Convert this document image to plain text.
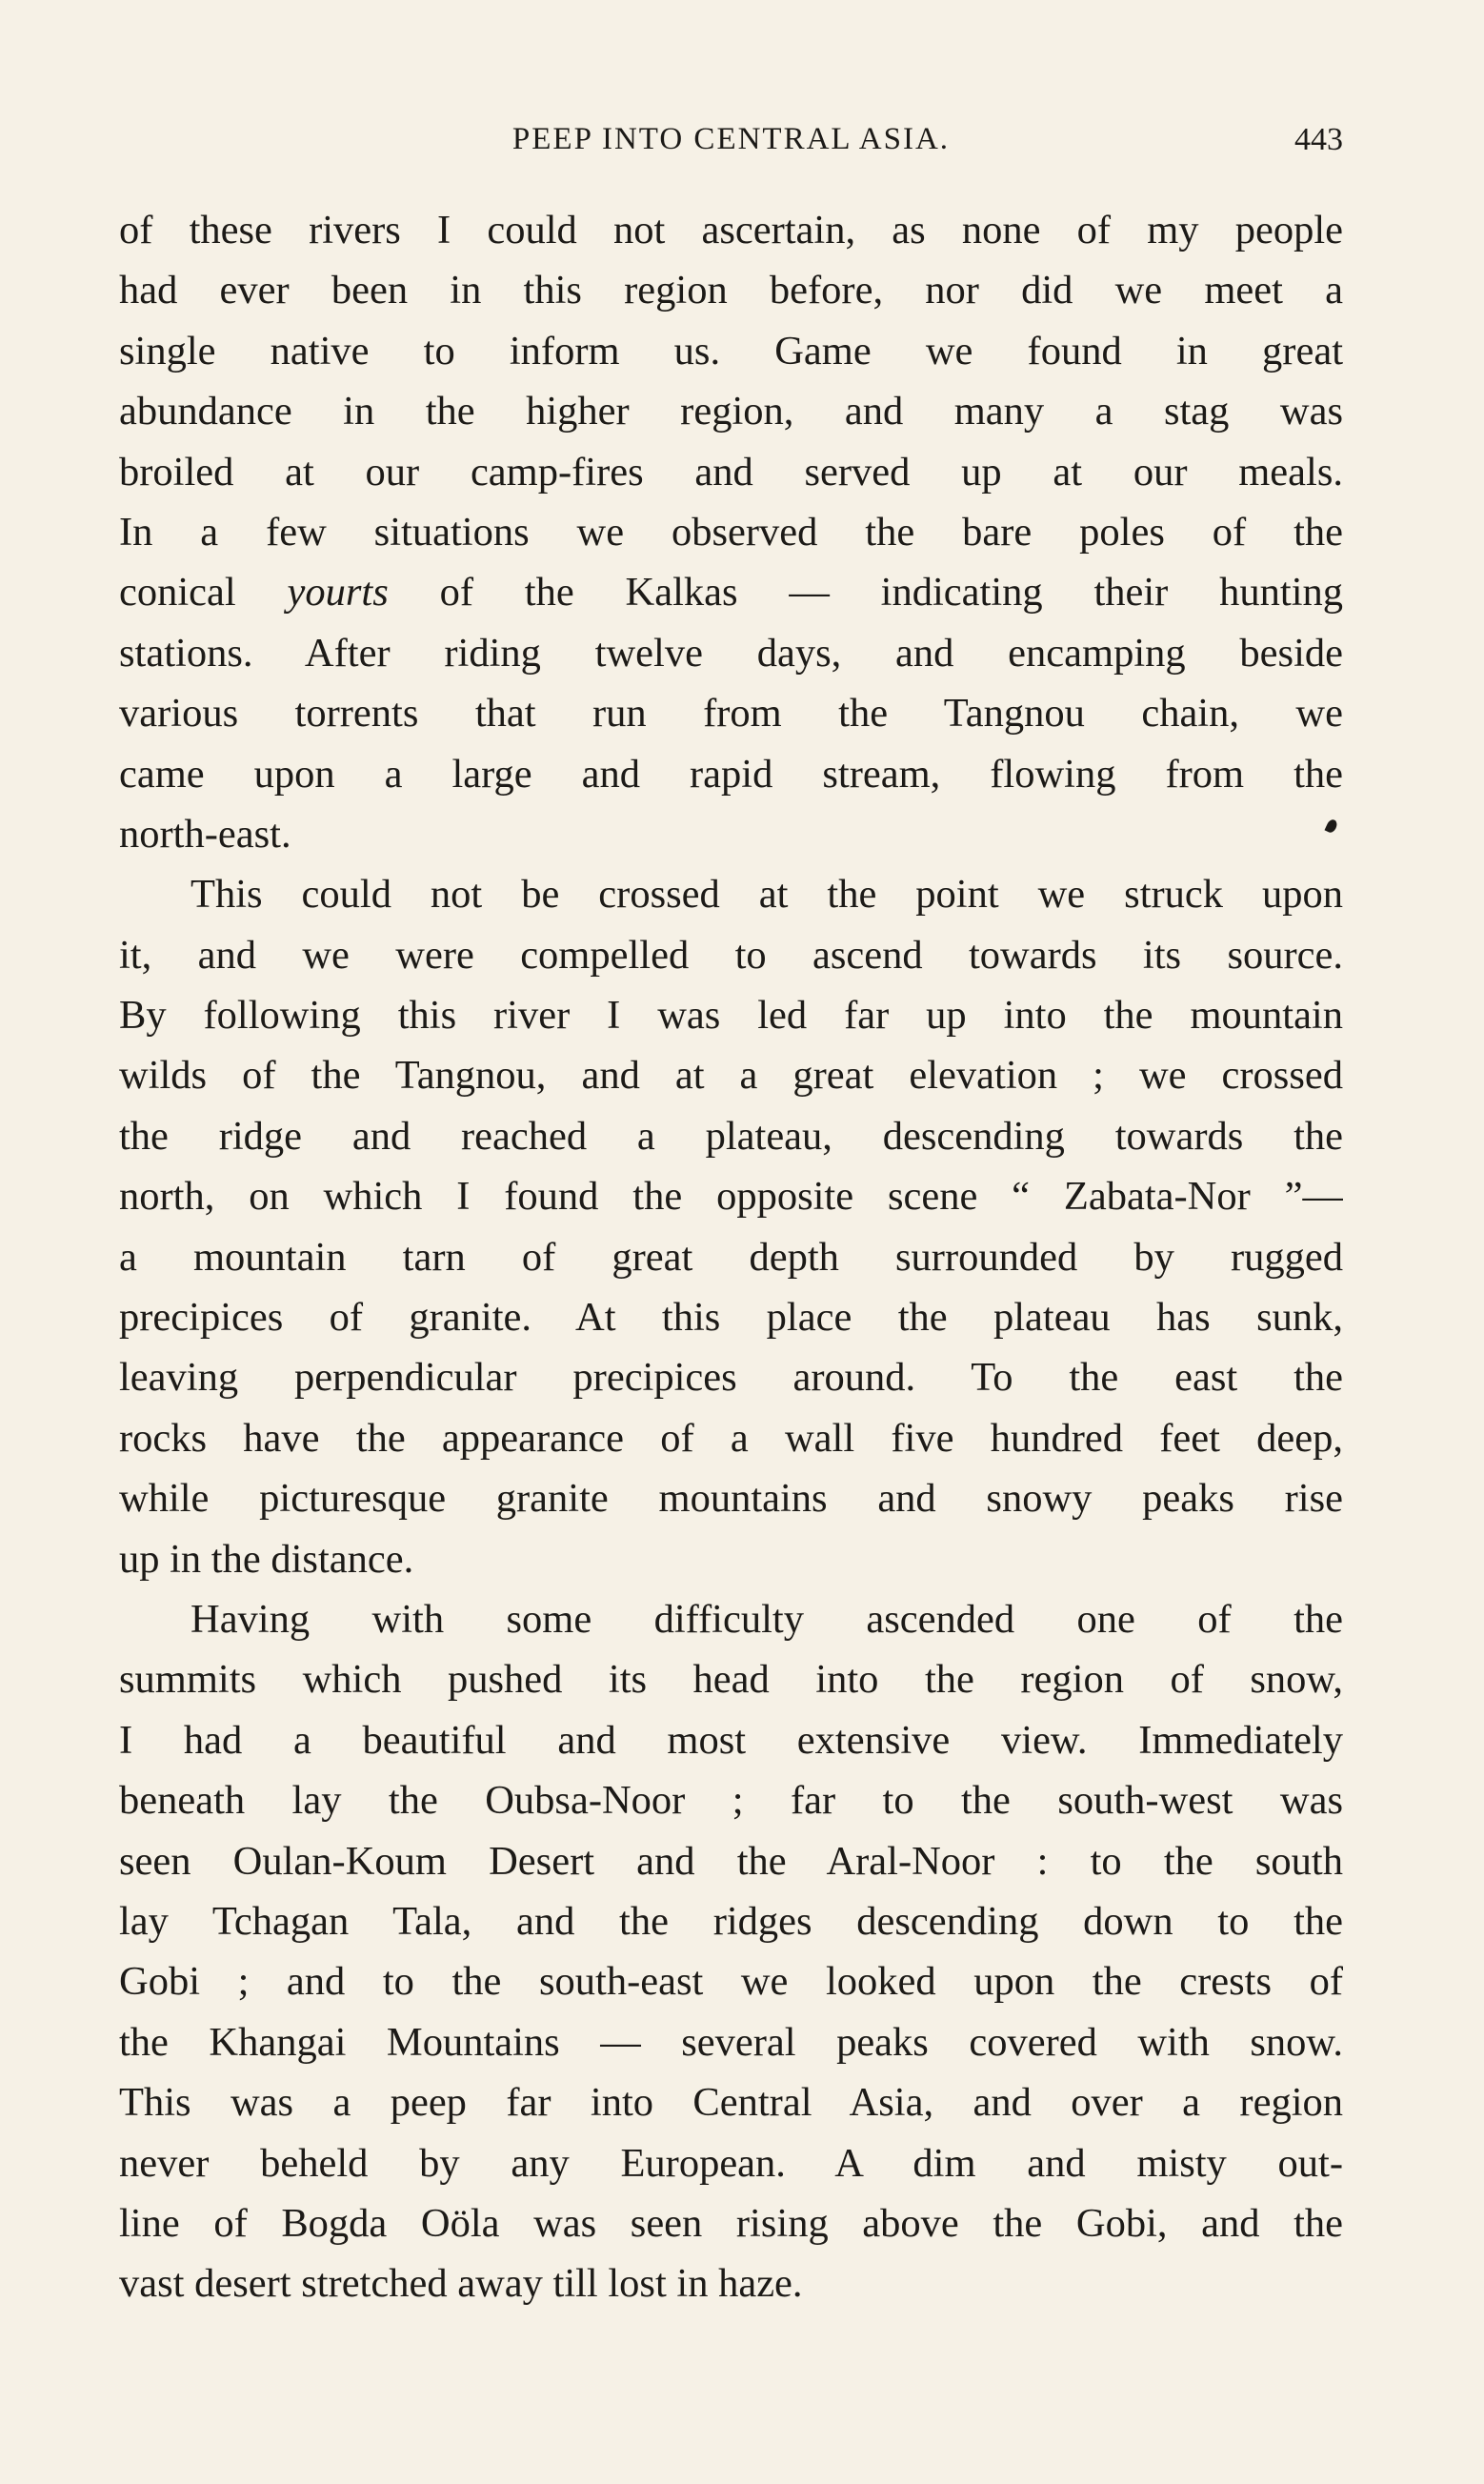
PEEP INTO CENTRAL ASIA.	443
of these rivers I could not ascertain, as none of my people
had ever been in this region before, nor did we meet a
single native to inform us. Game we found in great
abundance in the higher region, and many a stag was
broiled at our camp-fires and served up at our meals.
In a few situations we observed the bare poles of the
conical yourts of the Kalkas — indicating their hunting
stations. After riding twelve days, and encamping beside
various torrents that run from the Tangnou chain, we
came upon a large and rapid stream, flowing from the
north-east.
This could not be crossed at the point we struck upon
it, and we were compelled to ascend towards its source.
By following this river I was led far up into the mountain
wilds of the Tangnou, and at a great elevation ; we crossed
the ridge and reached a plateau, descending towards the
north, on which I found the opposite scene “ Zabata-Nor ”—
a mountain tarn of great depth surrounded by rugged
precipices of granite. At this place the plateau has sunk,
leaving perpendicular precipices around. To the east the
rocks have the appearance of a wall five hundred feet deep,
while picturesque granite mountains and snowy peaks rise
up in the distance.
Having with some difficulty ascended one of the
summits which pushed its head into the region of snow,
I had a beautiful and most extensive view. Immediately
beneath lay the Oubsa-Noor ; far to the south-west was
seen Oulan-Koum Desert and the Aral-Noor : to the south
lay Tchagan Tala, and the ridges descending down to the
Gobi ; and to the south-east we looked upon the crests of
the Khangai Mountains — several peaks covered with snow.
This was a peep far into Central Asia, and over a region
never beheld by any European. A dim and misty out-
line of Bogda Oöla was seen rising above the Gobi, and the
vast desert stretched away till lost in haze.
